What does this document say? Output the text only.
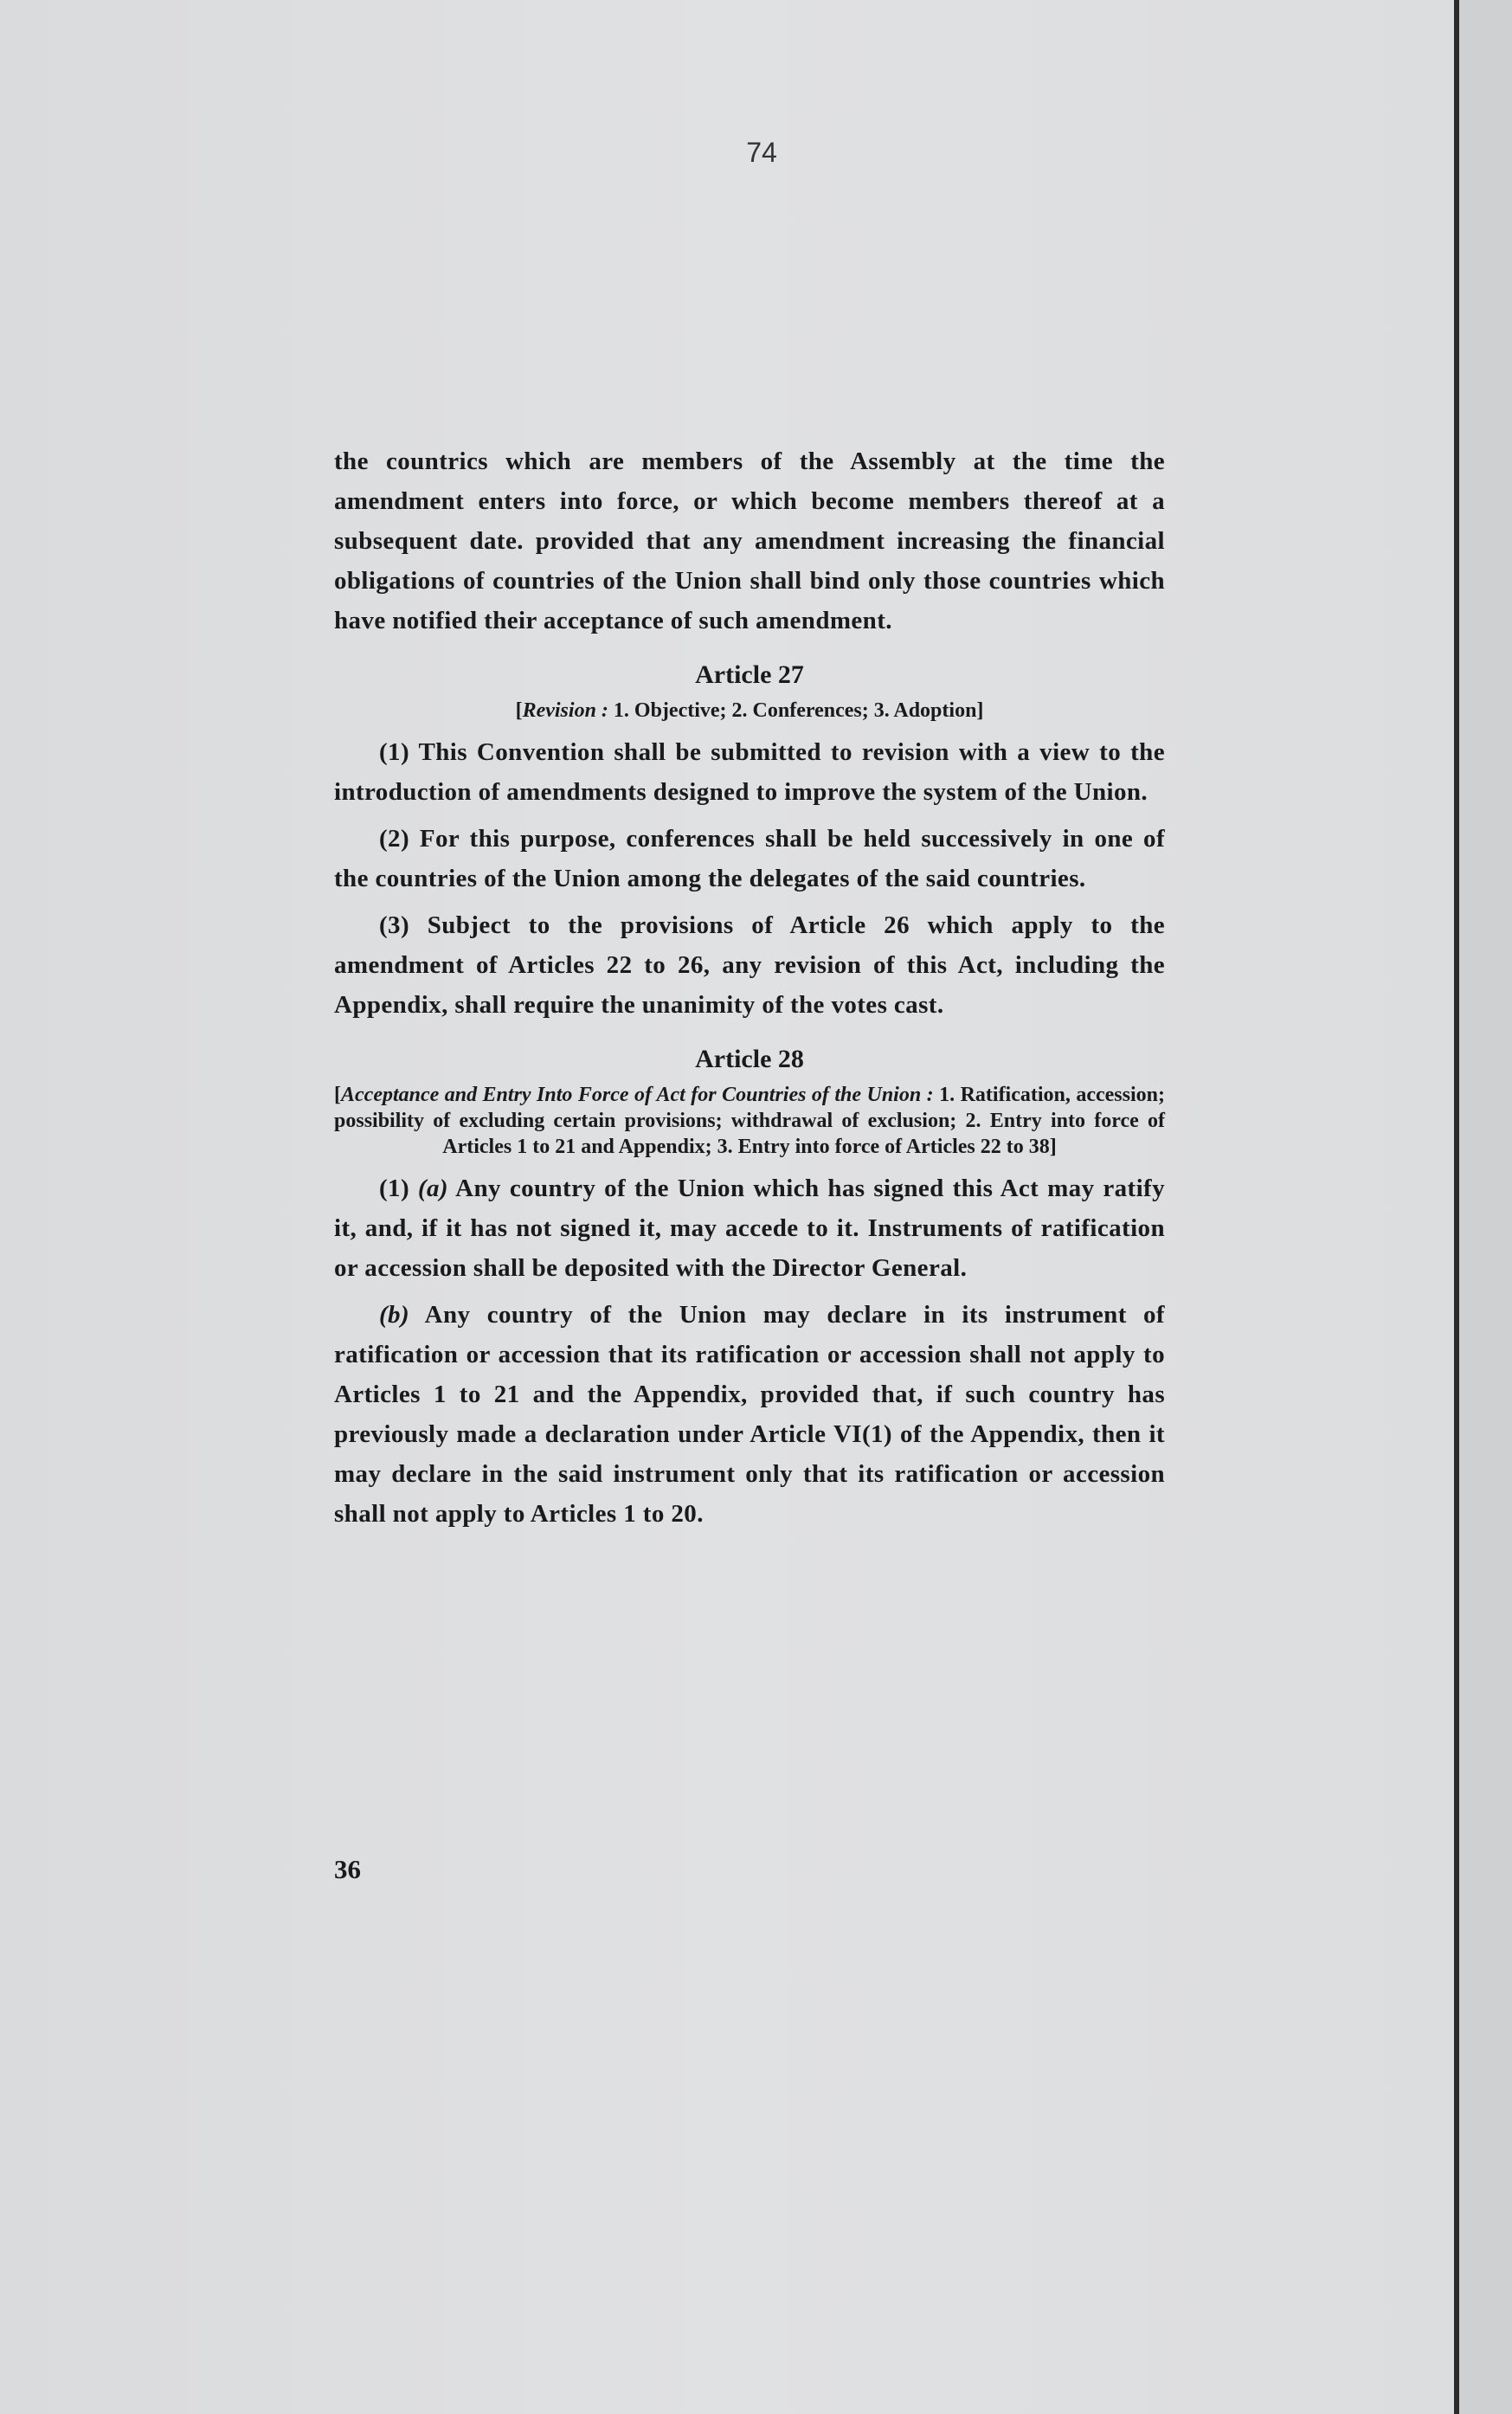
74

the countrics which are members of the Assembly at the time the amendment enters into force, or which become members thereof at a subsequent date. provided that any amendment increasing the financial obligations of countries of the Union shall bind only those countries which have notified their acceptance of such amendment.

Article 27
[Revision : 1. Objective; 2. Conferences; 3. Adoption]

(1) This Convention shall be submitted to revision with a view to the introduction of amendments designed to improve the system of the Union.

(2) For this purpose, conferences shall be held successively in one of the countries of the Union among the delegates of the said countries.

(3) Subject to the provisions of Article 26 which apply to the amendment of Articles 22 to 26, any revision of this Act, including the Appendix, shall require the unanimity of the votes cast.

Article 28
[Acceptance and Entry Into Force of Act for Countries of the Union : 1. Ratification, accession; possibility of excluding certain provisions; withdrawal of exclusion; 2. Entry into force of Articles 1 to 21 and Appendix; 3. Entry into force of Articles 22 to 38]

(1) (a) Any country of the Union which has signed this Act may ratify it, and, if it has not signed it, may accede to it. Instruments of ratification or accession shall be deposited with the Director General.

(b) Any country of the Union may declare in its instrument of ratification or accession that its ratification or accession shall not apply to Articles 1 to 21 and the Appendix, provided that, if such country has previously made a declaration under Article VI(1) of the Appendix, then it may declare in the said instrument only that its ratification or accession shall not apply to Articles 1 to 20.

36
